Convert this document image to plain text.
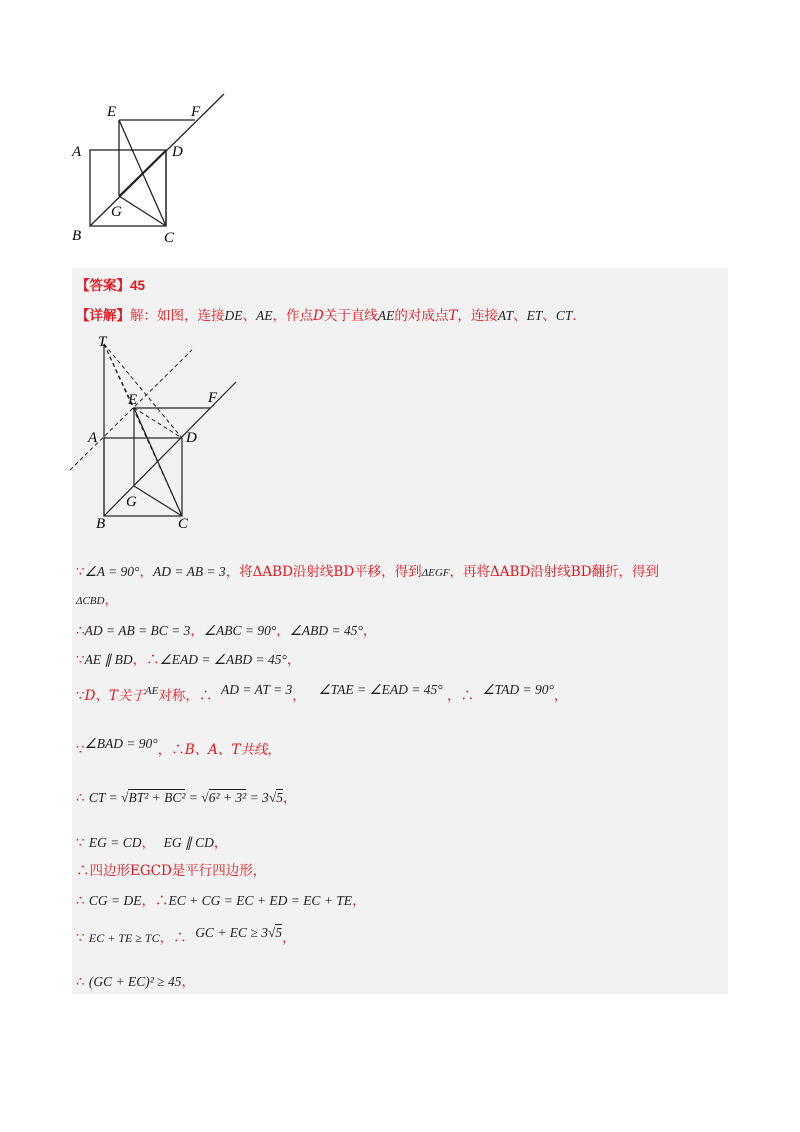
E	F
A	D
G
B	C
【答案】45
【详解】解：如图，连接DE、AE，作点D关于直线AE的对成点T，连接AT、ET、CT.
T
E	F
A	D
G
B	C
∵∠A = 90°，AD = AB = 3，将ΔABD沿射线BD平移，得到ΔEGF，再将ΔABD沿射线BD翻折，得到
ΔCBD，
∴AD = AB = BC = 3，∠ABC = 90°，∠ABD = 45°，
∵AE ∥ BD，∴∠EAD = ∠ABD = 45°，
∵D、T关于$^{AE}$对称，∴ AD = AT = 3， ∠TAE = ∠EAD = 45° ，∴ ∠TAD = 90°，
∵∠BAD = 90°，∴B、A、T共线，
∴ CT = √BT² + BC² = √6² + 3² = 3√5，
∵ EG = CD， EG ∥ CD，
∴四边形EGCD是平行四边形，
∴ CG = DE，∴EC + CG = EC + ED = EC + TE，
∵ EC + TE ≥ TC，∴ GC + EC ≥ 3√5，
∴ (GC + EC)² ≥ 45，
